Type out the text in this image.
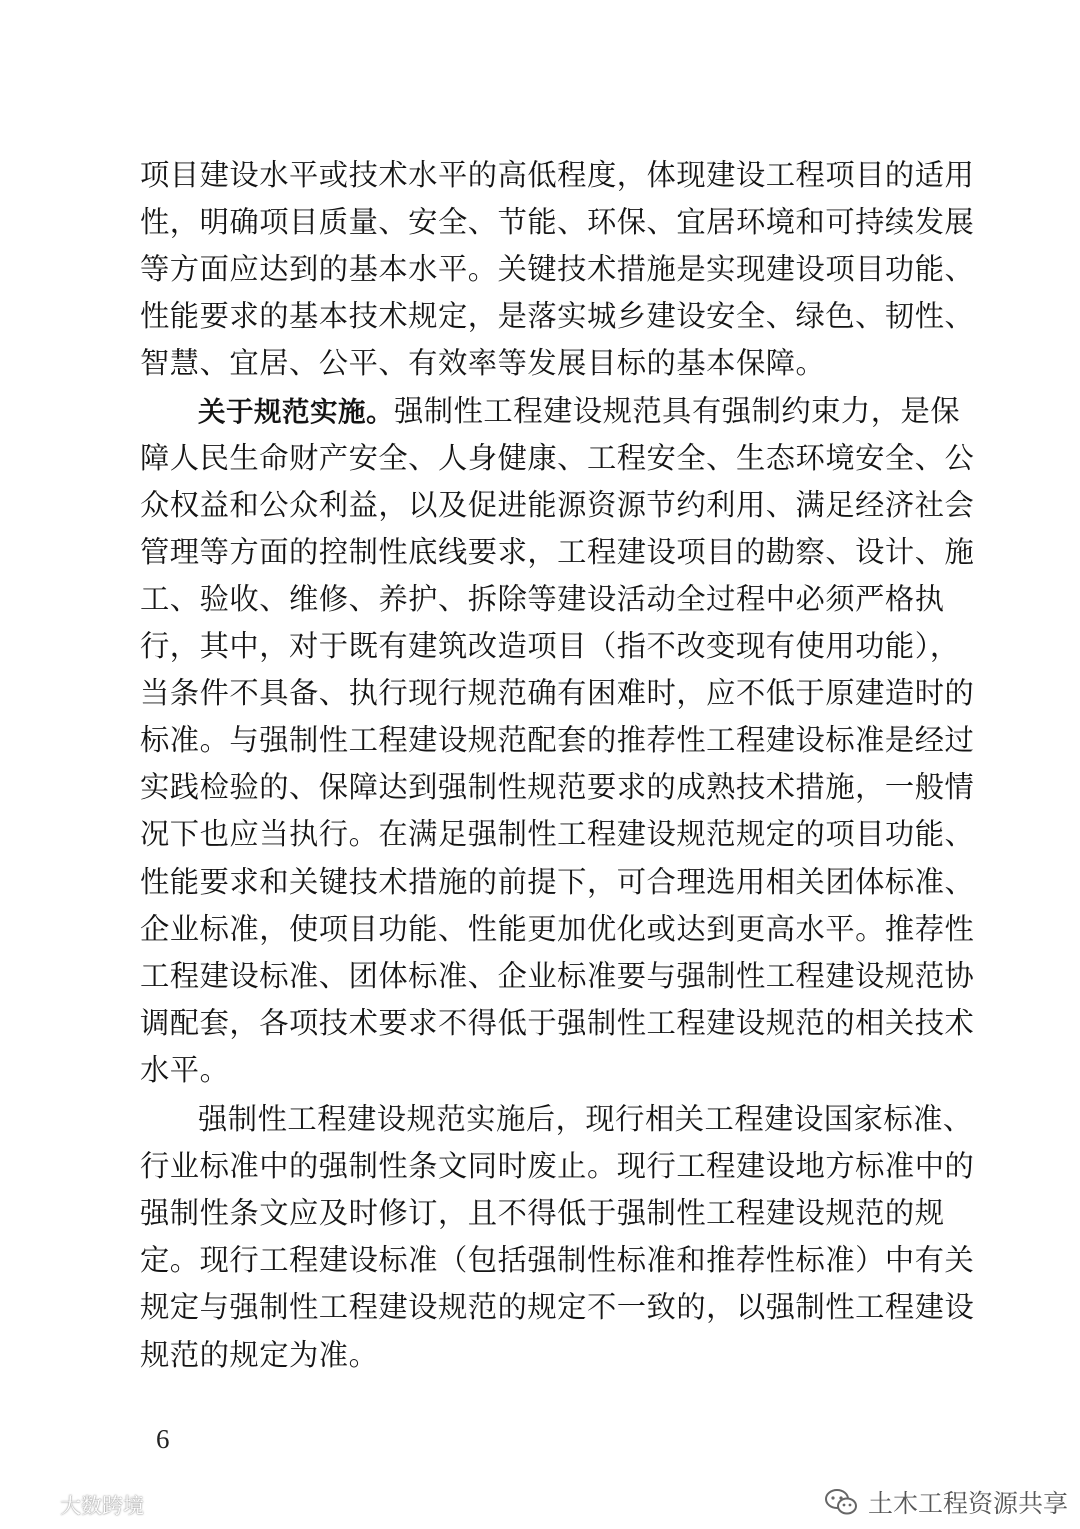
项目建设水平或技术水平的高低程度，体现建设工程项目的适用
性，明确项目质量、安全、节能、环保、宜居环境和可持续发展
等方面应达到的基本水平。关键技术措施是实现建设项目功能、
性能要求的基本技术规定，是落实城乡建设安全、绿色、韧性、
智慧、宜居、公平、有效率等发展目标的基本保障。
关于规范实施。强制性工程建设规范具有强制约束力，是保
障人民生命财产安全、人身健康、工程安全、生态环境安全、公
众权益和公众利益，以及促进能源资源节约利用、满足经济社会
管理等方面的控制性底线要求，工程建设项目的勘察、设计、施
工、验收、维修、养护、拆除等建设活动全过程中必须严格执
行，其中，对于既有建筑改造项目（指不改变现有使用功能），
当条件不具备、执行现行规范确有困难时，应不低于原建造时的
标准。与强制性工程建设规范配套的推荐性工程建设标准是经过
实践检验的、保障达到强制性规范要求的成熟技术措施，一般情
况下也应当执行。在满足强制性工程建设规范规定的项目功能、
性能要求和关键技术措施的前提下，可合理选用相关团体标准、
企业标准，使项目功能、性能更加优化或达到更高水平。推荐性
工程建设标准、团体标准、企业标准要与强制性工程建设规范协
调配套，各项技术要求不得低于强制性工程建设规范的相关技术
水平。
强制性工程建设规范实施后，现行相关工程建设国家标准、
行业标准中的强制性条文同时废止。现行工程建设地方标准中的
强制性条文应及时修订，且不得低于强制性工程建设规范的规
定。现行工程建设标准（包括强制性标准和推荐性标准）中有关
规定与强制性工程建设规范的规定不一致的，以强制性工程建设
规范的规定为准。
6
大数跨境	土木工程资源共享
